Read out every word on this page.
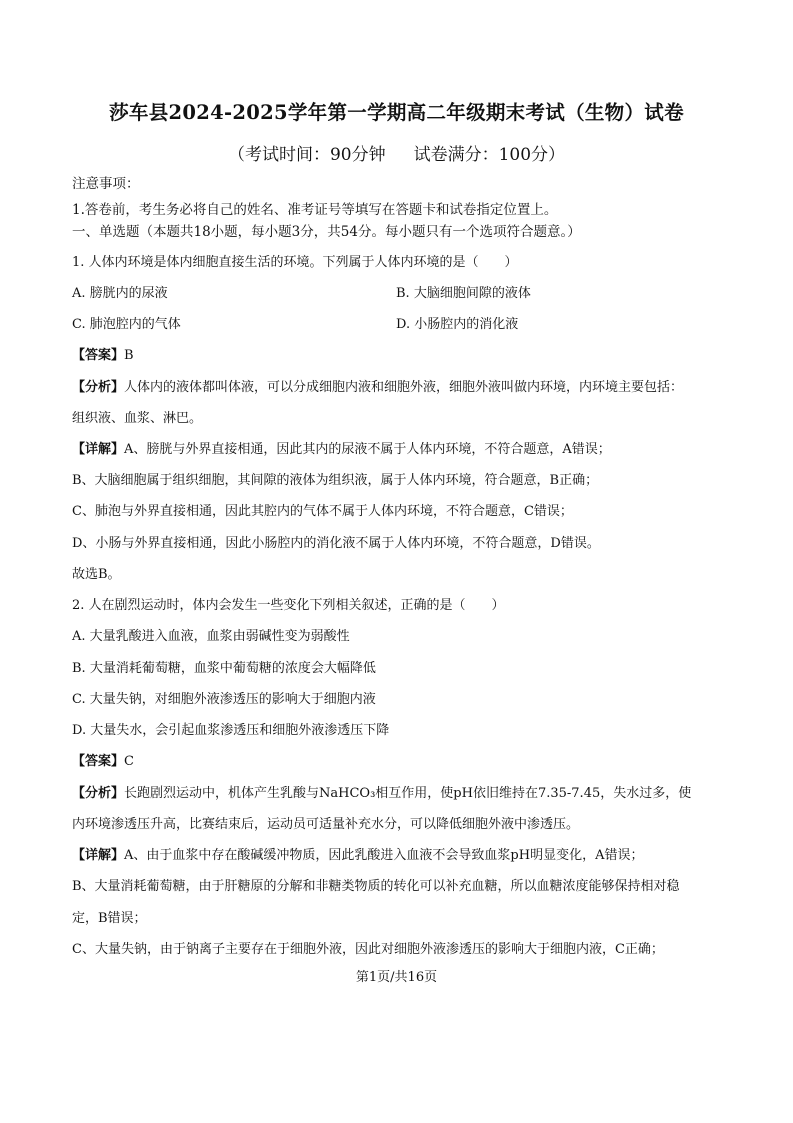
莎车县2024-2025学年第一学期高二年级期末考试（生物）试卷
（考试时间：90分钟 试卷满分：100分）
注意事项：
1.答卷前，考生务必将自己的姓名、准考证号等填写在答题卡和试卷指定位置上。
一、单选题（本题共18小题，每小题3分，共54分。每小题只有一个选项符合题意。）
1. 人体内环境是体内细胞直接生活的环境。下列属于人体内环境的是（　　）
A. 膀胱内的尿液	B. 大脑细胞间隙的液体
C. 肺泡腔内的气体	D. 小肠腔内的消化液
【答案】B
【分析】人体内的液体都叫体液，可以分成细胞内液和细胞外液，细胞外液叫做内环境，内环境主要包括：
组织液、血浆、淋巴。
【详解】A、膀胱与外界直接相通，因此其内的尿液不属于人体内环境，不符合题意，A错误；
B、大脑细胞属于组织细胞，其间隙的液体为组织液，属于人体内环境，符合题意，B正确；
C、肺泡与外界直接相通，因此其腔内的气体不属于人体内环境，不符合题意，C错误；
D、小肠与外界直接相通，因此小肠腔内的消化液不属于人体内环境，不符合题意，D错误。
故选B。
2. 人在剧烈运动时，体内会发生一些变化下列相关叙述，正确的是（　　）
A. 大量乳酸进入血液，血浆由弱碱性变为弱酸性
B. 大量消耗葡萄糖，血浆中葡萄糖的浓度会大幅降低
C. 大量失钠，对细胞外液渗透压的影响大于细胞内液
D. 大量失水，会引起血浆渗透压和细胞外液渗透压下降
【答案】C
【分析】长跑剧烈运动中，机体产生乳酸与NaHCO₃相互作用，使pH依旧维持在7.35-7.45，失水过多，使
内环境渗透压升高，比赛结束后，运动员可适量补充水分，可以降低细胞外液中渗透压。
【详解】A、由于血浆中存在酸碱缓冲物质，因此乳酸进入血液不会导致血浆pH明显变化，A错误；
B、大量消耗葡萄糖，由于肝糖原的分解和非糖类物质的转化可以补充血糖，所以血糖浓度能够保持相对稳
定，B错误；
C、大量失钠，由于钠离子主要存在于细胞外液，因此对细胞外液渗透压的影响大于细胞内液，C正确；
第1页/共16页
